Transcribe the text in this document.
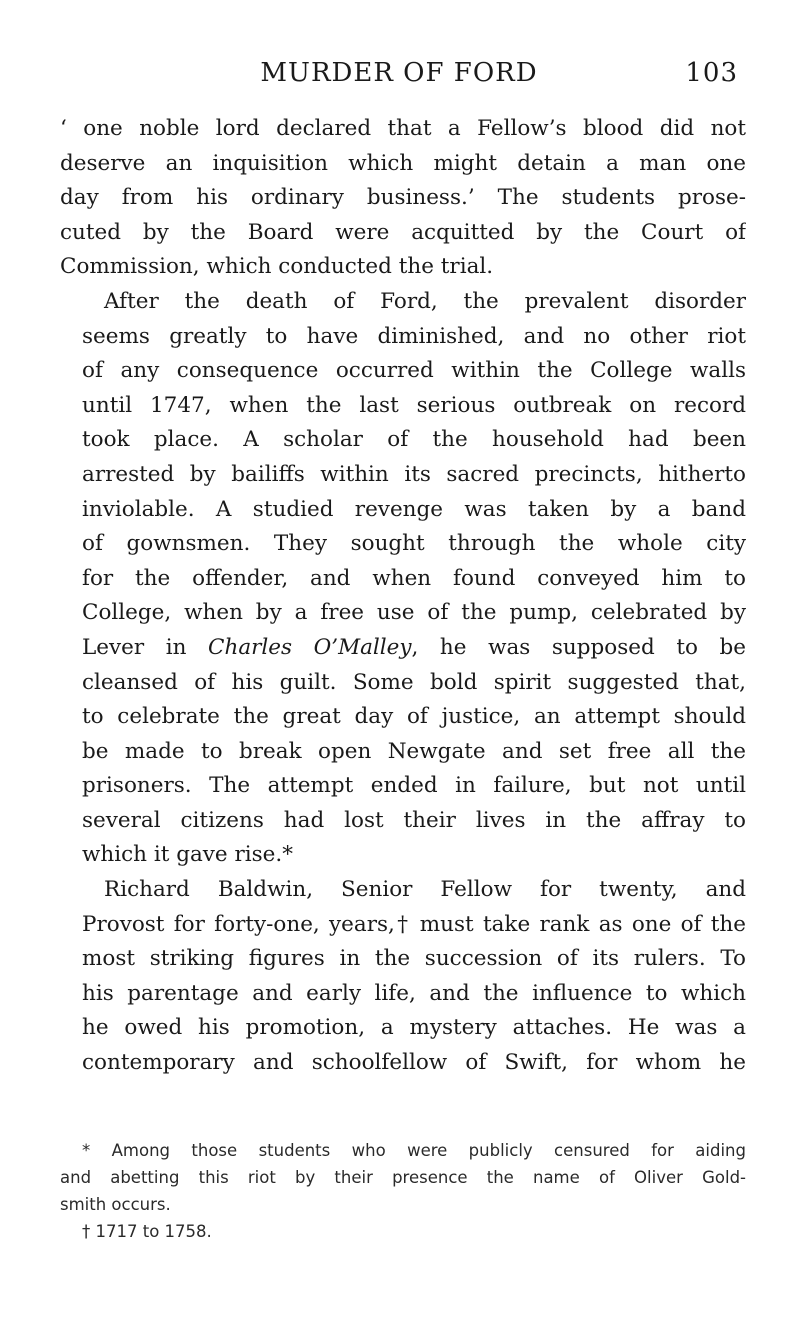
MURDER OF FORD	103

‘ one noble lord declared that a Fellow’s blood did not
deserve an inquisition which might detain a man one
day from his ordinary business.’ The students prose-
cuted by the Board were acquitted by the Court of
Commission, which conducted the trial.

After the death of Ford, the prevalent disorder
seems greatly to have diminished, and no other riot
of any consequence occurred within the College walls
until 1747, when the last serious outbreak on record
took place. A scholar of the household had been
arrested by bailiffs within its sacred precincts, hitherto
inviolable. A studied revenge was taken by a band
of gownsmen. They sought through the whole city
for the offender, and when found conveyed him to
College, when by a free use of the pump, celebrated by
Lever in Charles O’Malley, he was supposed to be
cleansed of his guilt. Some bold spirit suggested that,
to celebrate the great day of justice, an attempt should
be made to break open Newgate and set free all the
prisoners. The attempt ended in failure, but not until
several citizens had lost their lives in the affray to
which it gave rise.*

Richard Baldwin, Senior Fellow for twenty, and
Provost for forty-one, years,† must take rank as one of the
most striking figures in the succession of its rulers. To
his parentage and early life, and the influence to which
he owed his promotion, a mystery attaches. He was a
contemporary and schoolfellow of Swift, for whom he

* Among those students who were publicly censured for aiding
and abetting this riot by their presence the name of Oliver Gold-
smith occurs.
† 1717 to 1758.
